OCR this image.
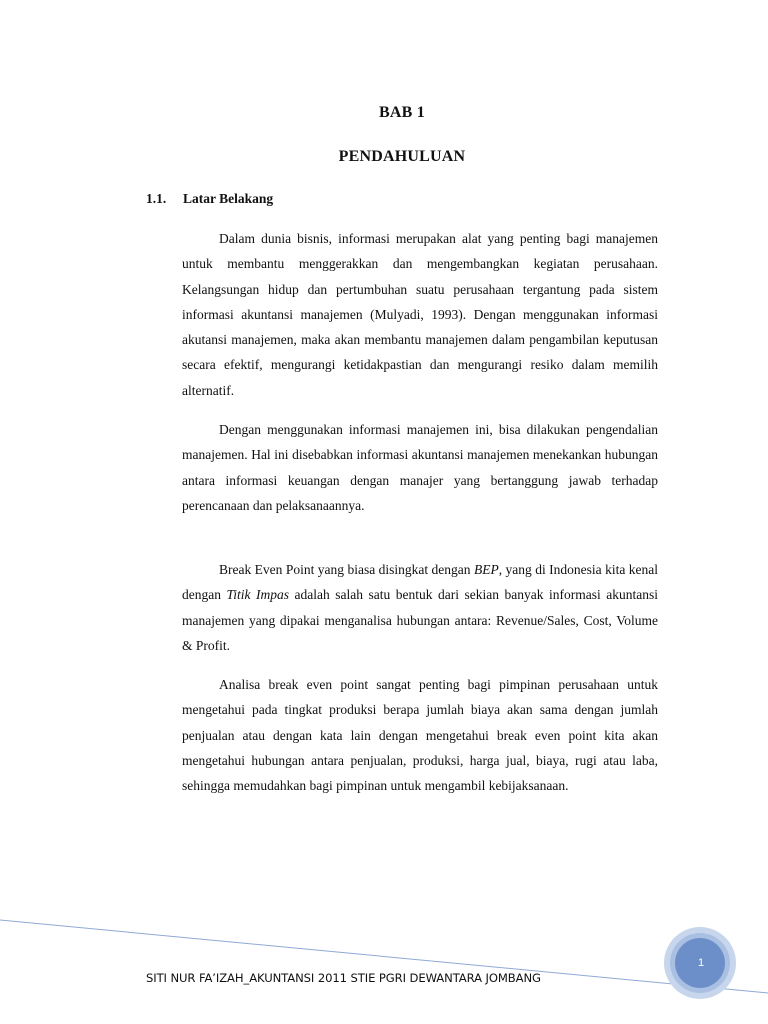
BAB 1
PENDAHULUAN
1.1. Latar Belakang
Dalam dunia bisnis, informasi merupakan alat yang penting bagi manajemen untuk membantu menggerakkan dan mengembangkan kegiatan perusahaan. Kelangsungan hidup dan pertumbuhan suatu perusahaan tergantung pada sistem informasi akuntansi manajemen (Mulyadi, 1993). Dengan menggunakan informasi akutansi manajemen, maka akan membantu manajemen dalam pengambilan keputusan secara efektif, mengurangi ketidakpastian dan mengurangi resiko dalam memilih alternatif.
Dengan menggunakan informasi manajemen ini, bisa dilakukan pengendalian manajemen. Hal ini disebabkan informasi akuntansi manajemen menekankan hubungan antara informasi keuangan dengan manajer yang bertanggung jawab terhadap perencanaan dan pelaksanaannya.
Break Even Point yang biasa disingkat dengan BEP, yang di Indonesia kita kenal dengan Titik Impas adalah salah satu bentuk dari sekian banyak informasi akuntansi manajemen yang dipakai menganalisa hubungan antara: Revenue/Sales, Cost, Volume & Profit.
Analisa break even point sangat penting bagi pimpinan perusahaan untuk mengetahui pada tingkat produksi berapa jumlah biaya akan sama dengan jumlah penjualan atau dengan kata lain dengan mengetahui break even point kita akan mengetahui hubungan antara penjualan, produksi, harga jual, biaya, rugi atau laba, sehingga memudahkan bagi pimpinan untuk mengambil kebijaksanaan.
SITI NUR FA’IZAH_AKUNTANSI 2011 STIE PGRI DEWANTARA JOMBANG
1
